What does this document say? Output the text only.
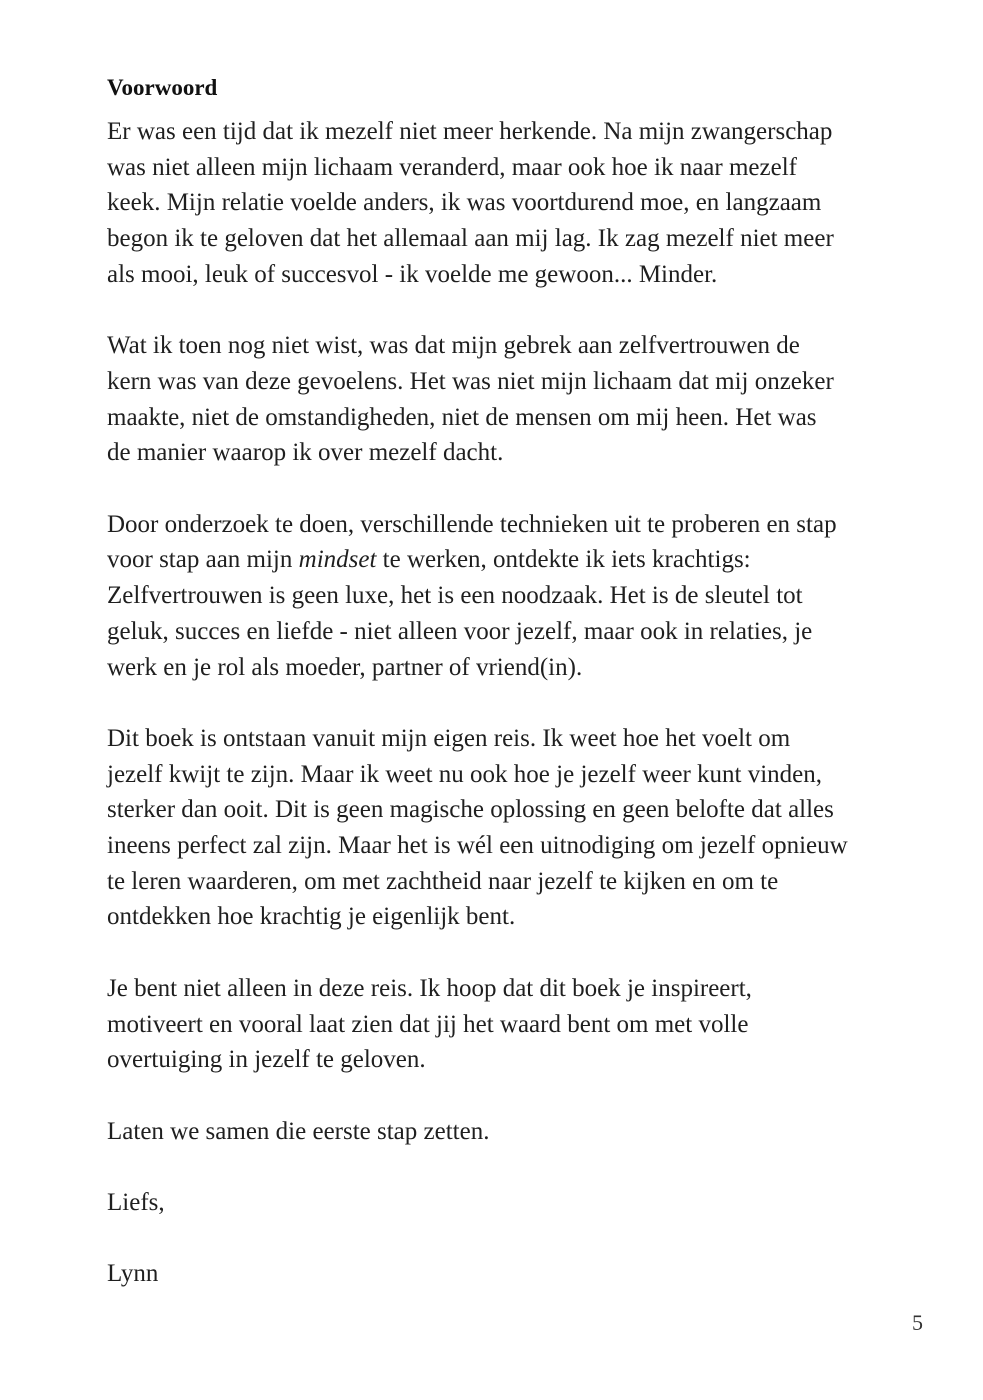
Voorwoord

Er was een tijd dat ik mezelf niet meer herkende. Na mijn zwangerschap
was niet alleen mijn lichaam veranderd, maar ook hoe ik naar mezelf
keek. Mijn relatie voelde anders, ik was voortdurend moe, en langzaam
begon ik te geloven dat het allemaal aan mij lag. Ik zag mezelf niet meer
als mooi, leuk of succesvol - ik voelde me gewoon... Minder.

Wat ik toen nog niet wist, was dat mijn gebrek aan zelfvertrouwen de
kern was van deze gevoelens. Het was niet mijn lichaam dat mij onzeker
maakte, niet de omstandigheden, niet de mensen om mij heen. Het was
de manier waarop ik over mezelf dacht.

Door onderzoek te doen, verschillende technieken uit te proberen en stap
voor stap aan mijn mindset te werken, ontdekte ik iets krachtigs:
Zelfvertrouwen is geen luxe, het is een noodzaak. Het is de sleutel tot
geluk, succes en liefde - niet alleen voor jezelf, maar ook in relaties, je
werk en je rol als moeder, partner of vriend(in).

Dit boek is ontstaan vanuit mijn eigen reis. Ik weet hoe het voelt om
jezelf kwijt te zijn. Maar ik weet nu ook hoe je jezelf weer kunt vinden,
sterker dan ooit. Dit is geen magische oplossing en geen belofte dat alles
ineens perfect zal zijn. Maar het is wél een uitnodiging om jezelf opnieuw
te leren waarderen, om met zachtheid naar jezelf te kijken en om te
ontdekken hoe krachtig je eigenlijk bent.

Je bent niet alleen in deze reis. Ik hoop dat dit boek je inspireert,
motiveert en vooral laat zien dat jij het waard bent om met volle
overtuiging in jezelf te geloven.

Laten we samen die eerste stap zetten.

Liefs,

Lynn

5
